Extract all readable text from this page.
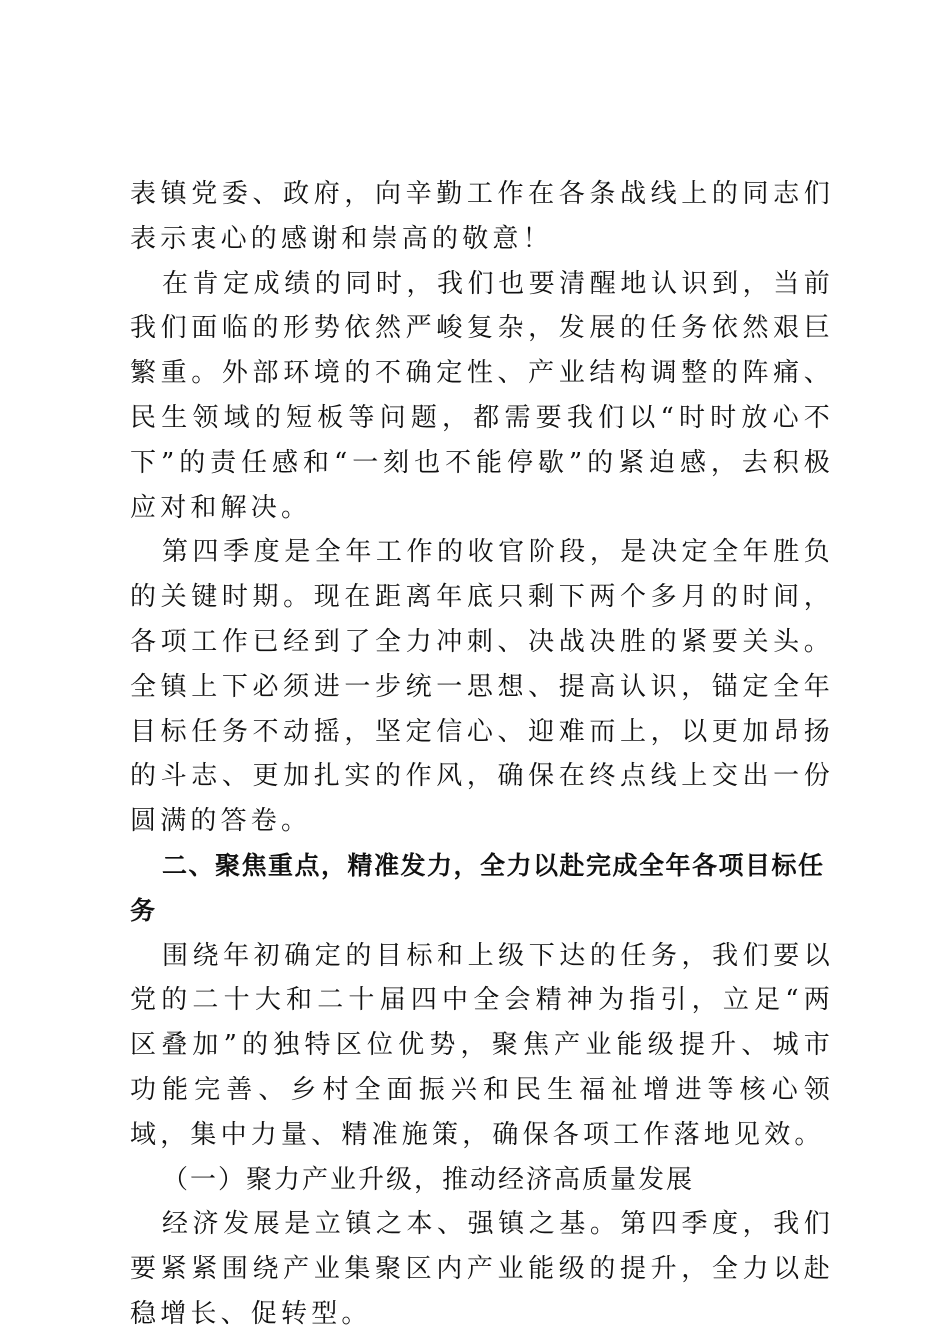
表镇党委、政府，向辛勤工作在各条战线上的同志们表示衷心的感谢和崇高的敬意！

在肯定成绩的同时，我们也要清醒地认识到，当前我们面临的形势依然严峻复杂，发展的任务依然艰巨繁重。外部环境的不确定性、产业结构调整的阵痛、民生领域的短板等问题，都需要我们以“时时放心不下”的责任感和“一刻也不能停歇”的紧迫感，去积极应对和解决。

第四季度是全年工作的收官阶段，是决定全年胜负的关键时期。现在距离年底只剩下两个多月的时间，各项工作已经到了全力冲刺、决战决胜的紧要关头。全镇上下必须进一步统一思想、提高认识，锚定全年目标任务不动摇，坚定信心、迎难而上，以更加昂扬的斗志、更加扎实的作风，确保在终点线上交出一份圆满的答卷。

二、聚焦重点，精准发力，全力以赴完成全年各项目标任务

围绕年初确定的目标和上级下达的任务，我们要以党的二十大和二十届四中全会精神为指引，立足“两区叠加”的独特区位优势，聚焦产业能级提升、城市功能完善、乡村全面振兴和民生福祉增进等核心领域，集中力量、精准施策，确保各项工作落地见效。

（一）聚力产业升级，推动经济高质量发展

经济发展是立镇之本、强镇之基。第四季度，我们要紧紧围绕产业集聚区内产业能级的提升，全力以赴稳增长、促转型。
